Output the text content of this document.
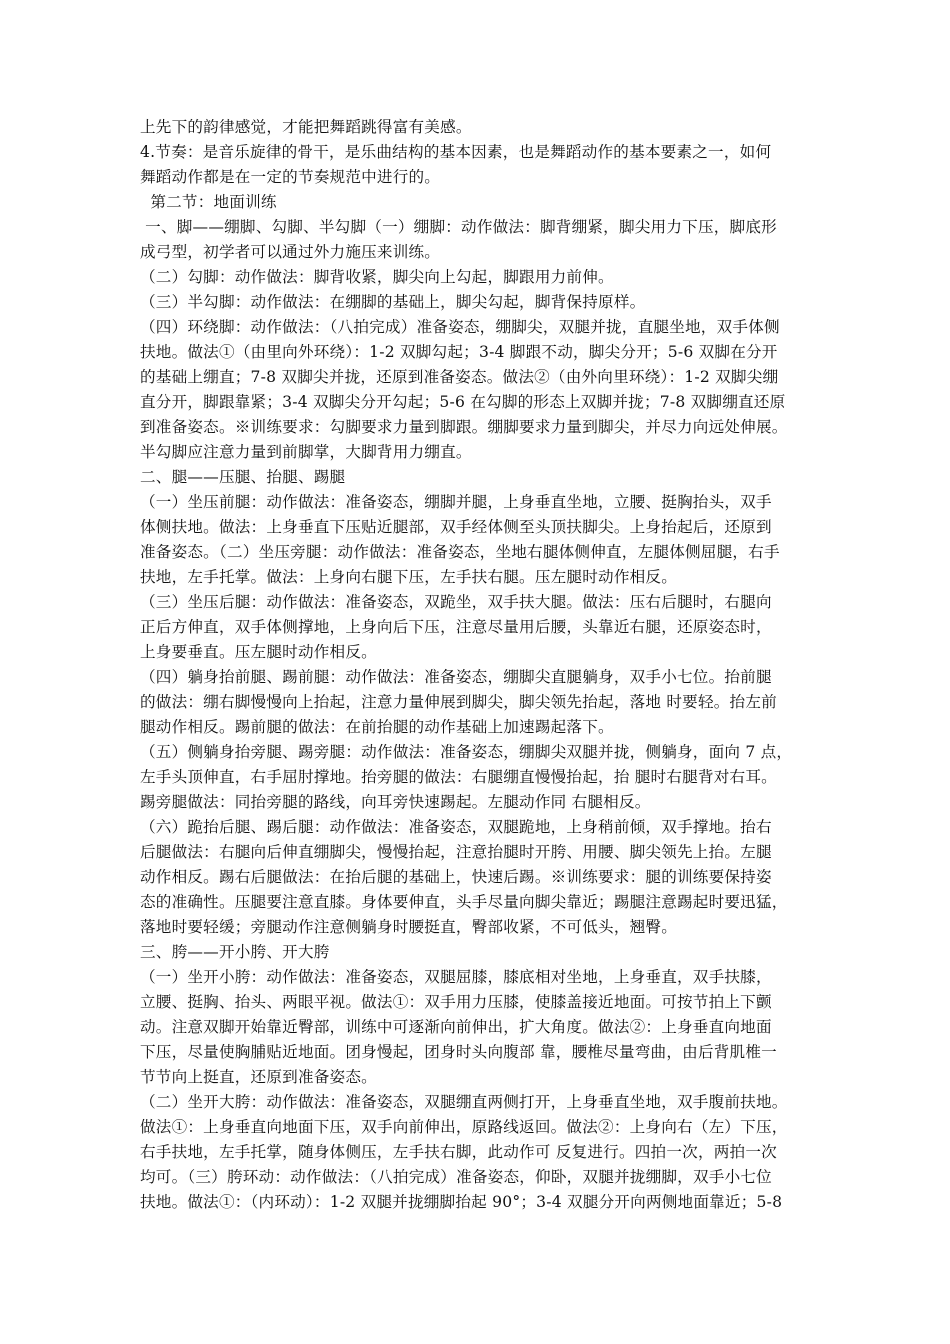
上先下的韵律感觉，才能把舞蹈跳得富有美感。
4.节奏：是音乐旋律的骨干，是乐曲结构的基本因素，也是舞蹈动作的基本要素之一，如何
舞蹈动作都是在一定的节奏规范中进行的。
第二节：地面训练
一、脚——绷脚、勾脚、半勾脚（一）绷脚：动作做法：脚背绷紧，脚尖用力下压，脚底形
成弓型，初学者可以通过外力施压来训练。
（二）勾脚：动作做法：脚背收紧，脚尖向上勾起，脚跟用力前伸。
（三）半勾脚：动作做法：在绷脚的基础上，脚尖勾起，脚背保持原样。
（四）环绕脚：动作做法：（八拍完成）准备姿态，绷脚尖，双腿并拢，直腿坐地，双手体侧
扶地。做法①（由里向外环绕）：1-2 双脚勾起；3-4 脚跟不动，脚尖分开；5-6 双脚在分开
的基础上绷直；7-8 双脚尖并拢，还原到准备姿态。做法②（由外向里环绕）：1-2 双脚尖绷
直分开，脚跟靠紧；3-4 双脚尖分开勾起；5-6 在勾脚的形态上双脚并拢；7-8 双脚绷直还原
到准备姿态。※训练要求：勾脚要求力量到脚跟。绷脚要求力量到脚尖，并尽力向远处伸展。
半勾脚应注意力量到前脚掌，大脚背用力绷直。
二、腿——压腿、抬腿、踢腿
（一）坐压前腿：动作做法：准备姿态，绷脚并腿，上身垂直坐地，立腰、挺胸抬头，双手
体侧扶地。做法：上身垂直下压贴近腿部，双手经体侧至头顶扶脚尖。上身抬起后，还原到
准备姿态。（二）坐压旁腿：动作做法：准备姿态，坐地右腿体侧伸直，左腿体侧屈腿，右手
扶地，左手托掌。做法：上身向右腿下压，左手扶右腿。压左腿时动作相反。
（三）坐压后腿：动作做法：准备姿态，双跪坐，双手扶大腿。做法：压右后腿时，右腿向
正后方伸直，双手体侧撑地，上身向后下压，注意尽量用后腰，头靠近右腿，还原姿态时，
上身要垂直。压左腿时动作相反。
（四）躺身抬前腿、踢前腿：动作做法：准备姿态，绷脚尖直腿躺身，双手小七位。抬前腿
的做法：绷右脚慢慢向上抬起，注意力量伸展到脚尖，脚尖领先抬起，落地 时要轻。抬左前
腿动作相反。踢前腿的做法：在前抬腿的动作基础上加速踢起落下。
（五）侧躺身抬旁腿、踢旁腿：动作做法：准备姿态，绷脚尖双腿并拢，侧躺身，面向 7 点，
左手头顶伸直，右手屈肘撑地。抬旁腿的做法：右腿绷直慢慢抬起，抬 腿时右腿背对右耳。
踢旁腿做法：同抬旁腿的路线，向耳旁快速踢起。左腿动作同 右腿相反。
（六）跪抬后腿、踢后腿：动作做法：准备姿态，双腿跪地，上身稍前倾，双手撑地。抬右
后腿做法：右腿向后伸直绷脚尖，慢慢抬起，注意抬腿时开胯、用腰、脚尖领先上抬。左腿
动作相反。踢右后腿做法：在抬后腿的基础上，快速后踢。※训练要求：腿的训练要保持姿
态的准确性。压腿要注意直膝。身体要伸直，头手尽量向脚尖靠近；踢腿注意踢起时要迅猛，
落地时要轻缓；旁腿动作注意侧躺身时腰挺直，臀部收紧，不可低头，翘臀。
三、胯——开小胯、开大胯
（一）坐开小胯：动作做法：准备姿态，双腿屈膝，膝底相对坐地，上身垂直，双手扶膝，
立腰、挺胸、抬头、两眼平视。做法①：双手用力压膝，使膝盖接近地面。可按节拍上下颤
动。注意双脚开始靠近臀部，训练中可逐渐向前伸出，扩大角度。做法②：上身垂直向地面
下压，尽量使胸脯贴近地面。团身慢起，团身时头向腹部 靠，腰椎尽量弯曲，由后背肌椎一
节节向上挺直，还原到准备姿态。
（二）坐开大胯：动作做法：准备姿态，双腿绷直两侧打开，上身垂直坐地，双手腹前扶地。
做法①：上身垂直向地面下压，双手向前伸出，原路线返回。做法②：上身向右（左）下压，
右手扶地，左手托掌，随身体侧压，左手扶右脚，此动作可 反复进行。四拍一次，两拍一次
均可。（三）胯环动：动作做法：（八拍完成）准备姿态，仰卧，双腿并拢绷脚，双手小七位
扶地。做法①：（内环动）：1-2 双腿并拢绷脚抬起 90°；3-4 双腿分开向两侧地面靠近；5-8
